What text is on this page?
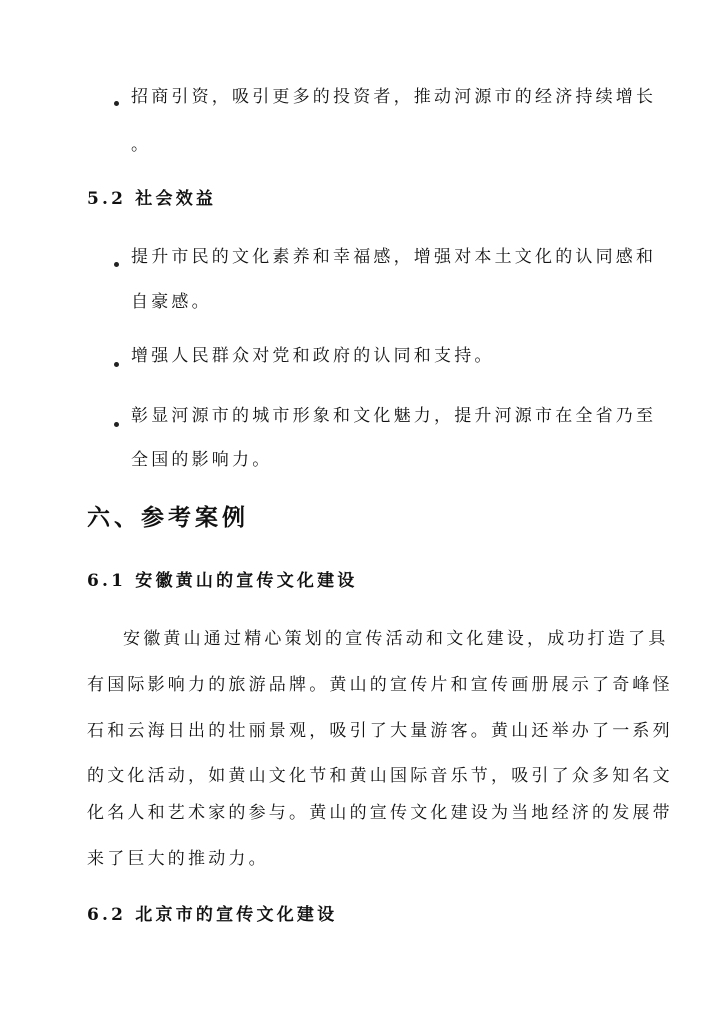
招商引资，吸引更多的投资者，推动河源市的经济持续增长
。
5.2 社会效益
提升市民的文化素养和幸福感，增强对本土文化的认同感和
自豪感。
增强人民群众对党和政府的认同和支持。
彰显河源市的城市形象和文化魅力，提升河源市在全省乃至
全国的影响力。
六、参考案例
6.1 安徽黄山的宣传文化建设
安徽黄山通过精心策划的宣传活动和文化建设，成功打造了具
有国际影响力的旅游品牌。黄山的宣传片和宣传画册展示了奇峰怪
石和云海日出的壮丽景观，吸引了大量游客。黄山还举办了一系列
的文化活动，如黄山文化节和黄山国际音乐节，吸引了众多知名文
化名人和艺术家的参与。黄山的宣传文化建设为当地经济的发展带
来了巨大的推动力。
6.2 北京市的宣传文化建设
